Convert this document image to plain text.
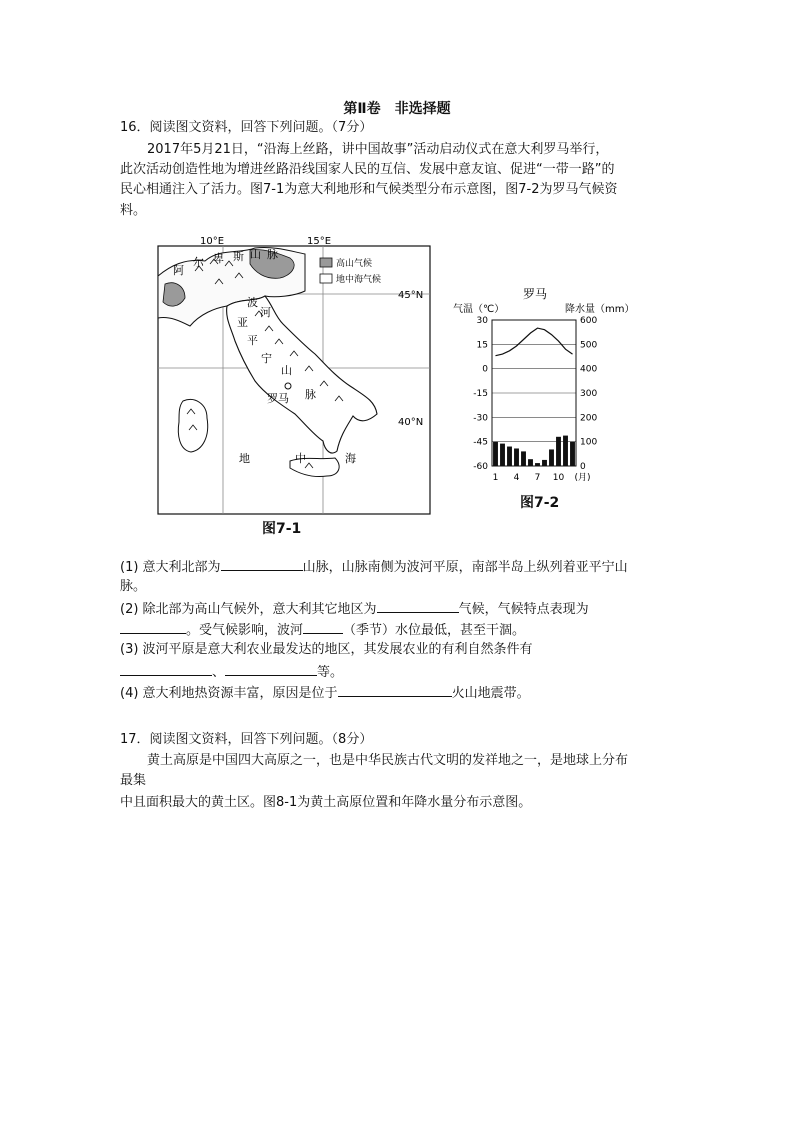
第Ⅱ卷　非选择题
16．阅读图文资料，回答下列问题。（7分）
2017年5月21日，“沿海上丝路，讲中国故事”活动启动仪式在意大利罗马举行，
此次活动创造性地为增进丝路沿线国家人民的互信、发展中意友谊、促进“一带一路”的
民心相通注入了活力。图7-1为意大利地形和气候类型分布示意图，图7-2为罗马气候资
料。
10°E	15°E
45°N
40°N
高山气候
地中海气候
阿
尔 卑 斯 山 脉
波
河
亚
平
宁
山
脉
罗马
地	中	海
图7-1
罗马
气温（℃）	降水量（mm）
30
15
0
-15
-30
-45
-60
600
500
400
300
200
100
0
1 4 7 10 (月)
图7-2
(1) 意大利北部为	山脉，山脉南侧为波河平原，南部半岛上纵列着亚平宁山
脉。
(2) 除北部为高山气候外，意大利其它地区为	气候，气候特点表现为
。受气候影响，波河	（季节）水位最低，甚至干涸。
(3) 波河平原是意大利农业最发达的地区，其发展农业的有利自然条件有
、	等。
(4) 意大利地热资源丰富，原因是位于	火山地震带。
17．阅读图文资料，回答下列问题。（8分）
黄土高原是中国四大高原之一，也是中华民族古代文明的发祥地之一，是地球上分布
最集
中且面积最大的黄土区。图8-1为黄土高原位置和年降水量分布示意图。
